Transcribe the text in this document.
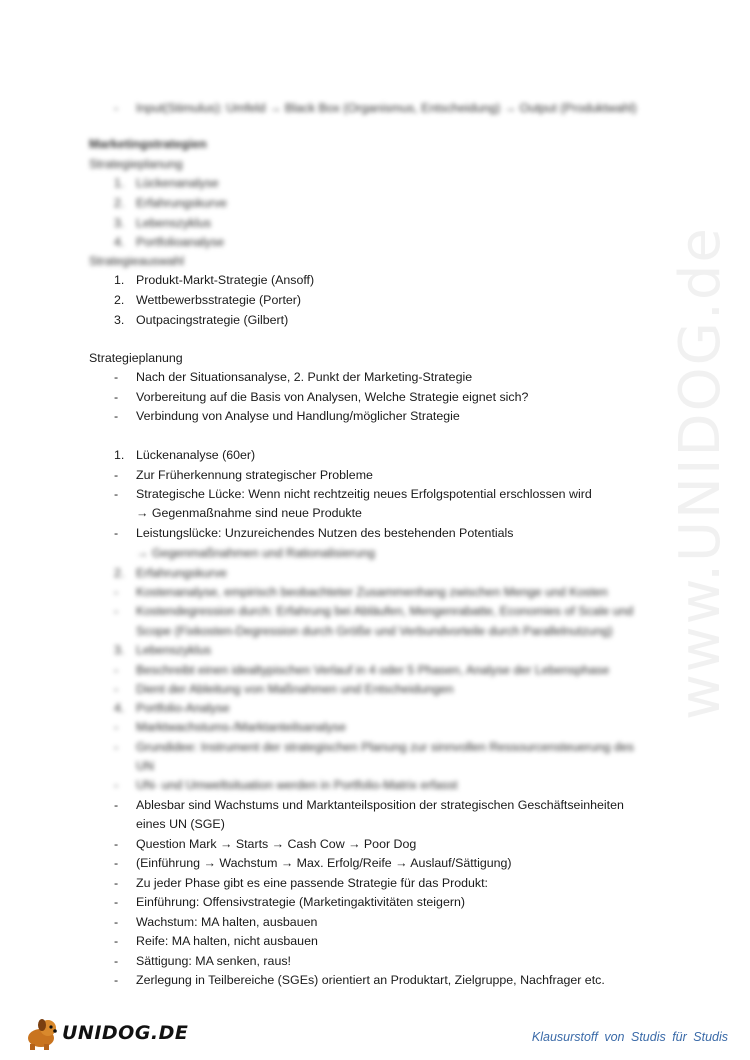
www.UNIDOG.de
-	Input(Stimulus): Umfeld → Black Box (Organismus, Entscheidung) → Output (Produktwahl)
Marketingstrategien
Strategieplanung
1. Lückenanalyse
2. Erfahrungskurve
3. Lebenszyklus
4. Portfolioanalyse
Strategieauswahl
1. Produkt-Markt-Strategie (Ansoff)
2. Wettbewerbsstrategie (Porter)
3. Outpacingstrategie (Gilbert)
Strategieplanung
-	Nach der Situationsanalyse, 2. Punkt der Marketing-Strategie
-	Vorbereitung auf die Basis von Analysen, Welche Strategie eignet sich?
-	Verbindung von Analyse und Handlung/möglicher Strategie
1. Lückenanalyse (60er)
-	Zur Früherkennung strategischer Probleme
-	Strategische Lücke: Wenn nicht rechtzeitig neues Erfolgspotential erschlossen wird
→ Gegenmaßnahme sind neue Produkte
-	Leistungslücke: Unzureichendes Nutzen des bestehenden Potentials
→ Gegenmaßnahmen und Rationalisierung
2. Erfahrungskurve
-	Kostenanalyse, empirisch beobachteter Zusammenhang zwischen Menge und Kosten
-	Kostendegression durch: Erfahrung bei Abläufen, Mengenrabatte, Economies of Scale und
Scope (Fixkosten-Degression durch Größe und Verbundvorteile durch Parallelnutzung)
3. Lebenszyklus
-	Beschreibt einen idealtypischen Verlauf in 4 oder 5 Phasen, Analyse der Lebensphase
-	Dient der Ableitung von Maßnahmen und Entscheidungen
4. Portfolio-Analyse
-	Marktwachstums-/Marktanteilsanalyse
-	Grundidee: Instrument der strategischen Planung zur sinnvollen Ressourcensteuerung des
UN
-	UN- und Umweltsituation werden in Portfolio-Matrix erfasst
-	Ablesbar sind Wachstums und Marktanteilsposition der strategischen Geschäftseinheiten
eines UN (SGE)
-	Question Mark → Starts → Cash Cow → Poor Dog
-	(Einführung → Wachstum → Max. Erfolg/Reife → Auslauf/Sättigung)
-	Zu jeder Phase gibt es eine passende Strategie für das Produkt:
-	Einführung: Offensivstrategie (Marketingaktivitäten steigern)
-	Wachstum: MA halten, ausbauen
-	Reife: MA halten, nicht ausbauen
-	Sättigung: MA senken, raus!
-	Zerlegung in Teilbereiche (SGEs) orientiert an Produktart, Zielgruppe, Nachfrager etc.
UNIDOG.DE	Klausurstoff von Studis für Studis
